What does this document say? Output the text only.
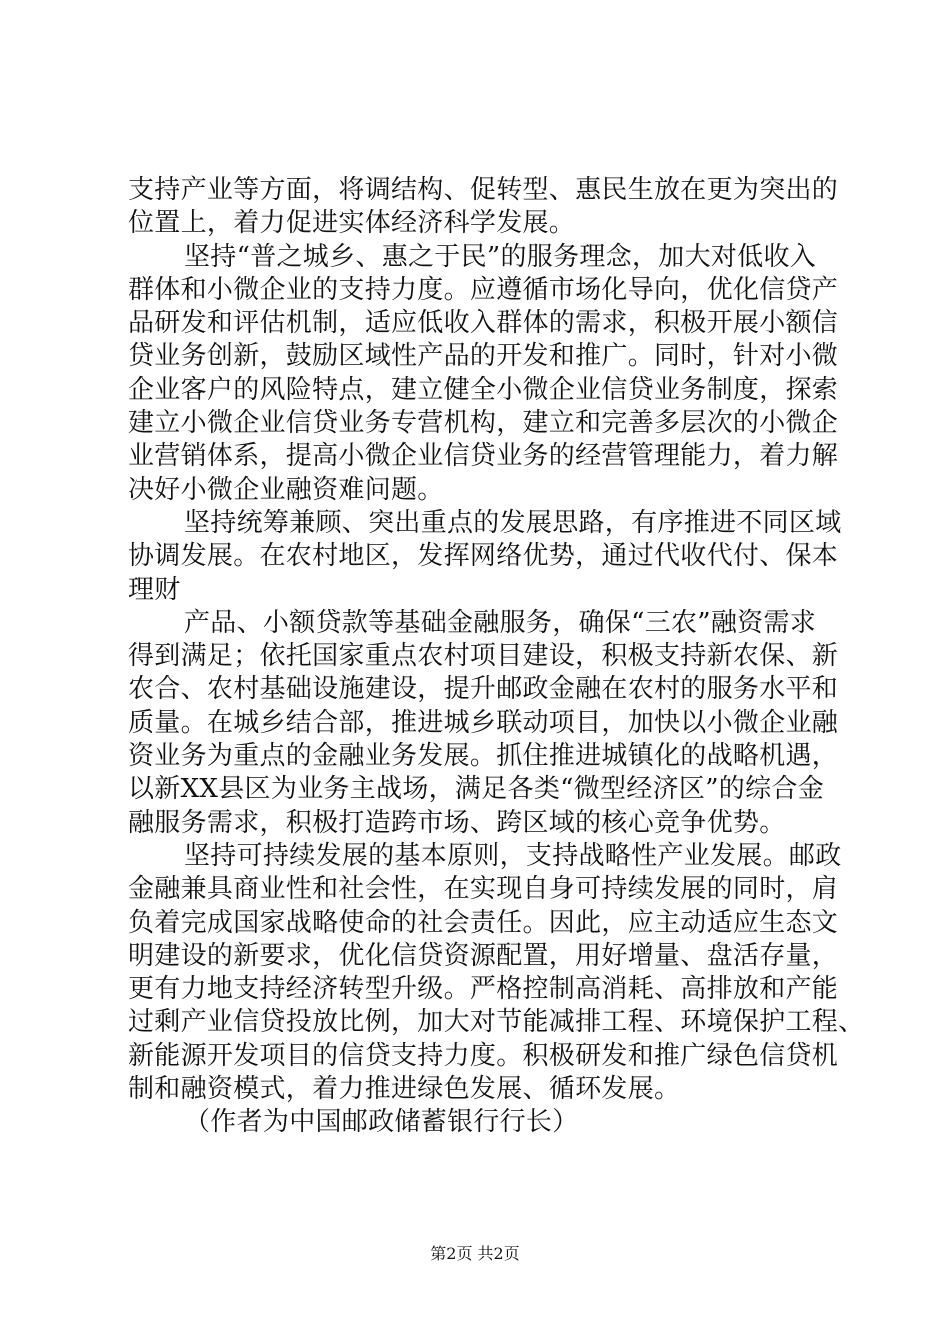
支持产业等方面，将调结构、促转型、惠民生放在更为突出的
位置上，着力促进实体经济科学发展。
坚持“普之城乡、惠之于民”的服务理念，加大对低收入
群体和小微企业的支持力度。应遵循市场化导向，优化信贷产
品研发和评估机制，适应低收入群体的需求，积极开展小额信
贷业务创新，鼓励区域性产品的开发和推广。同时，针对小微
企业客户的风险特点，建立健全小微企业信贷业务制度，探索
建立小微企业信贷业务专营机构，建立和完善多层次的小微企
业营销体系，提高小微企业信贷业务的经营管理能力，着力解
决好小微企业融资难问题。
坚持统筹兼顾、突出重点的发展思路，有序推进不同区域
协调发展。在农村地区，发挥网络优势，通过代收代付、保本
理财
产品、小额贷款等基础金融服务，确保“三农”融资需求
得到满足；依托国家重点农村项目建设，积极支持新农保、新
农合、农村基础设施建设，提升邮政金融在农村的服务水平和
质量。在城乡结合部，推进城乡联动项目，加快以小微企业融
资业务为重点的金融业务发展。抓住推进城镇化的战略机遇，
以新XX县区为业务主战场，满足各类“微型经济区”的综合金
融服务需求，积极打造跨市场、跨区域的核心竞争优势。
坚持可持续发展的基本原则，支持战略性产业发展。邮政
金融兼具商业性和社会性，在实现自身可持续发展的同时，肩
负着完成国家战略使命的社会责任。因此，应主动适应生态文
明建设的新要求，优化信贷资源配置，用好增量、盘活存量，
更有力地支持经济转型升级。严格控制高消耗、高排放和产能
过剩产业信贷投放比例，加大对节能减排工程、环境保护工程、
新能源开发项目的信贷支持力度。积极研发和推广绿色信贷机
制和融资模式，着力推进绿色发展、循环发展。
（作者为中国邮政储蓄银行行长）
第2页 共2页
